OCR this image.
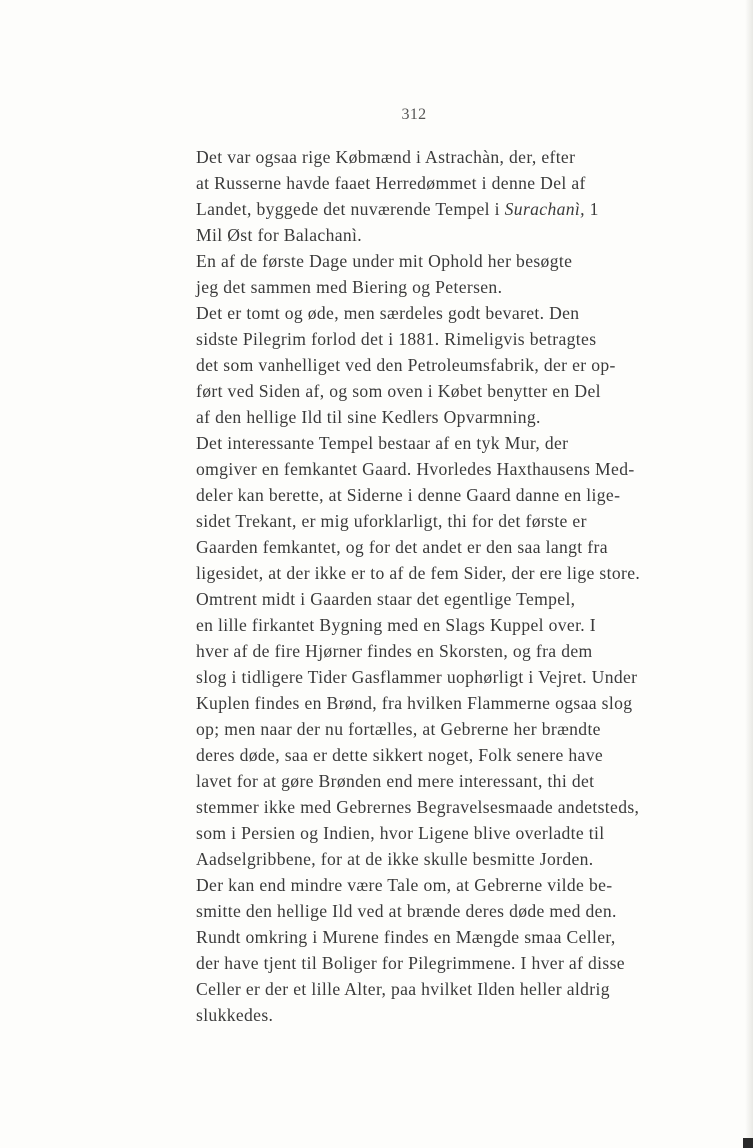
312

Det var ogsaa rige Købmænd i Astrachàn, der, efter
at Russerne havde faaet Herredømmet i denne Del af
Landet, byggede det nuværende Tempel i Surachanì, 1
Mil Øst for Balachanì.

En af de første Dage under mit Ophold her besøgte
jeg det sammen med Biering og Petersen.

Det er tomt og øde, men særdeles godt bevaret. Den
sidste Pilegrim forlod det i 1881. Rimeligvis betragtes
det som vanhelliget ved den Petroleumsfabrik, der er op-
ført ved Siden af, og som oven i Købet benytter en Del
af den hellige Ild til sine Kedlers Opvarmning.

Det interessante Tempel bestaar af en tyk Mur, der
omgiver en femkantet Gaard. Hvorledes Haxthausens Med-
deler kan berette, at Siderne i denne Gaard danne en lige-
sidet Trekant, er mig uforklarligt, thi for det første er
Gaarden femkantet, og for det andet er den saa langt fra
ligesidet, at der ikke er to af de fem Sider, der ere lige store.

Omtrent midt i Gaarden staar det egentlige Tempel,
en lille firkantet Bygning med en Slags Kuppel over. I
hver af de fire Hjørner findes en Skorsten, og fra dem
slog i tidligere Tider Gasflammer uophørligt i Vejret. Under
Kuplen findes en Brønd, fra hvilken Flammerne ogsaa slog
op; men naar der nu fortælles, at Gebrerne her brændte
deres døde, saa er dette sikkert noget, Folk senere have
lavet for at gøre Brønden end mere interessant, thi det
stemmer ikke med Gebrernes Begravelsesmaade andetsteds,
som i Persien og Indien, hvor Ligene blive overladte til
Aadselgribbene, for at de ikke skulle besmitte Jorden.
Der kan end mindre være Tale om, at Gebrerne vilde be-
smitte den hellige Ild ved at brænde deres døde med den.

Rundt omkring i Murene findes en Mængde smaa Celler,
der have tjent til Boliger for Pilegrimmene. I hver af disse
Celler er der et lille Alter, paa hvilket Ilden heller aldrig
slukkedes.
